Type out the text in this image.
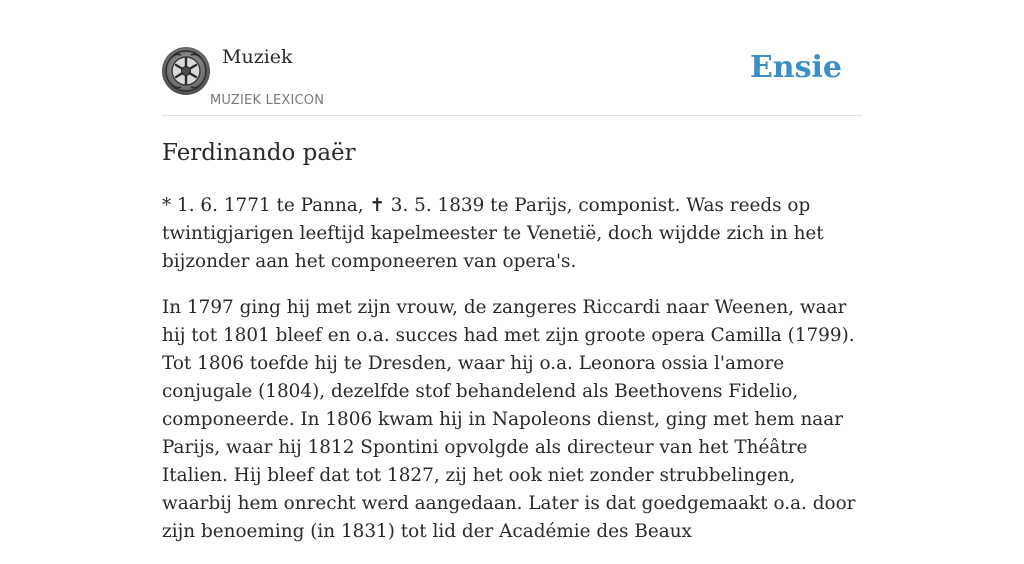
Muziek
MUZIEK LEXICON
Ensie
Ferdinando paër

* 1. 6. 1771 te Panna, ✝ 3. 5. 1839 te Parijs, componist. Was reeds op twintigjarigen leeftijd kapelmeester te Venetië, doch wijdde zich in het bijzonder aan het componeeren van opera's.

In 1797 ging hij met zijn vrouw, de zangeres Riccardi naar Weenen, waar hij tot 1801 bleef en o.a. succes had met zijn groote opera Camilla (1799). Tot 1806 toefde hij te Dresden, waar hij o.a. Leonora ossia l'amore conjugale (1804), dezelfde stof behandelend als Beethovens Fidelio, componeerde. In 1806 kwam hij in Napoleons dienst, ging met hem naar Parijs, waar hij 1812 Spontini opvolgde als directeur van het Théâtre Italien. Hij bleef dat tot 1827, zij het ook niet zonder strubbelingen, waarbij hem onrecht werd aangedaan. Later is dat goedgemaakt o.a. door zijn benoeming (in 1831) tot lid der Académie des Beaux
